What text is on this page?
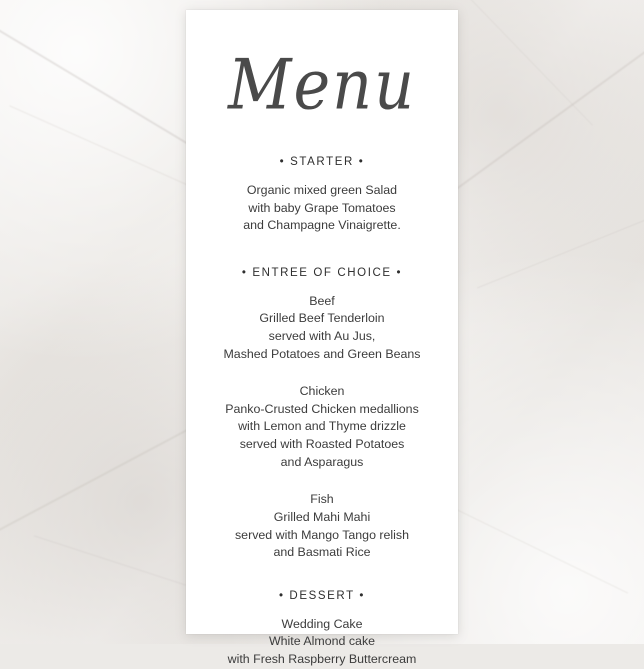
Menu
• STARTER •
Organic mixed green Salad
with baby Grape Tomatoes
and Champagne Vinaigrette.
• ENTREE OF CHOICE •
Beef
Grilled Beef Tenderloin
served with Au Jus,
Mashed Potatoes and Green Beans
Chicken
Panko-Crusted Chicken medallions
with Lemon and Thyme drizzle
served with Roasted Potatoes
and Asparagus
Fish
Grilled Mahi Mahi
served with Mango Tango relish
and Basmati Rice
• DESSERT •
Wedding Cake
White Almond cake
with Fresh Raspberry Buttercream
